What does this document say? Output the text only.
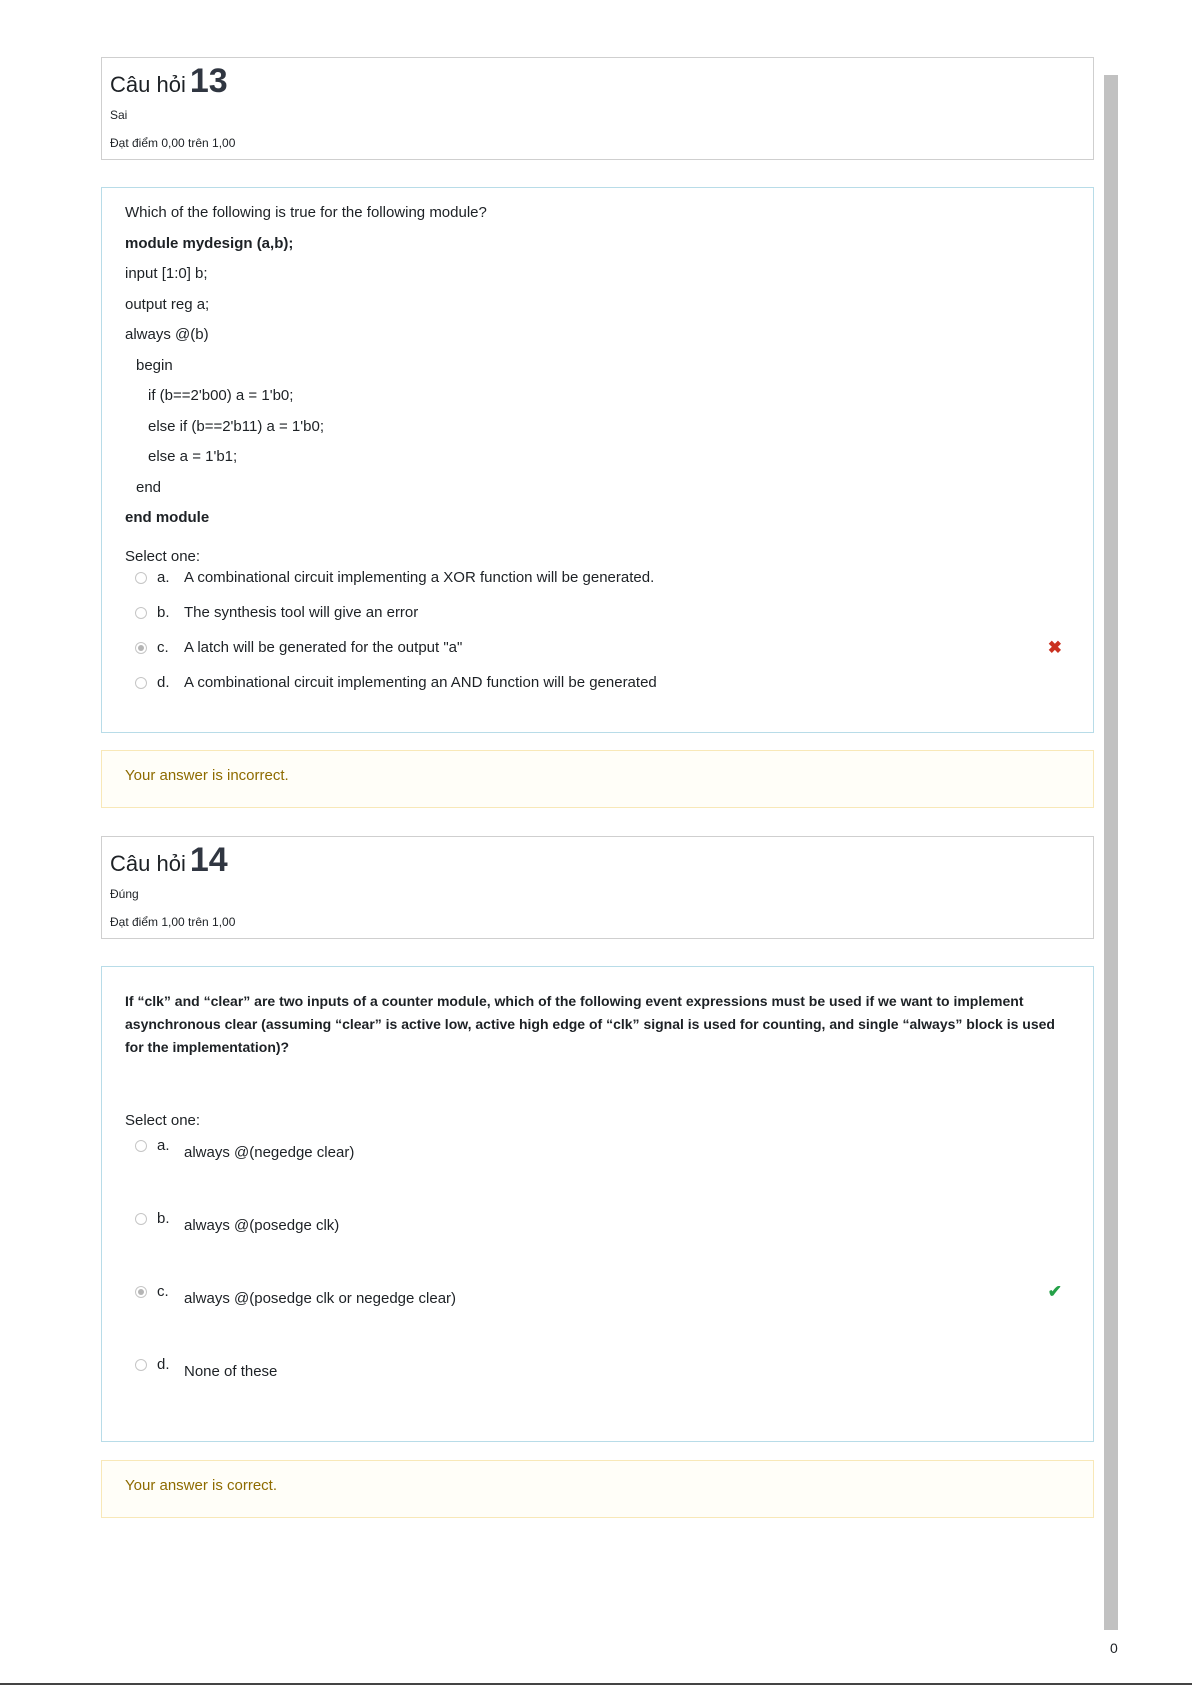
Câu hỏi 13
Sai
Đạt điểm 0,00 trên 1,00

Which of the following is true for the following module?

module mydesign (a,b);

input [1:0] b;

output reg a;

always @(b)

begin

if (b==2'b00) a = 1'b0;

else if (b==2'b11) a = 1'b0;

else a = 1'b1;

end

end module

Select one:
a. A combinational circuit implementing a XOR function will be generated.
b. The synthesis tool will give an error
c.	A latch will be generated for the output "a"	✖
d. A combinational circuit implementing an AND function will be generated
Your answer is incorrect.
Câu hỏi 14
Đúng
Đạt điểm 1,00 trên 1,00

If “clk” and “clear” are two inputs of a counter module, which of the following event expressions must be used if we want to implement

asynchronous clear (assuming “clear” is active low, active high edge of “clk” signal is used for counting, and single “always” block is used

for the implementation)?

Select one:
a. always @(negedge clear)
b. always @(posedge clk)
c.	always @(posedge clk or negedge clear)	✔
d. None of these
Your answer is correct.
0
